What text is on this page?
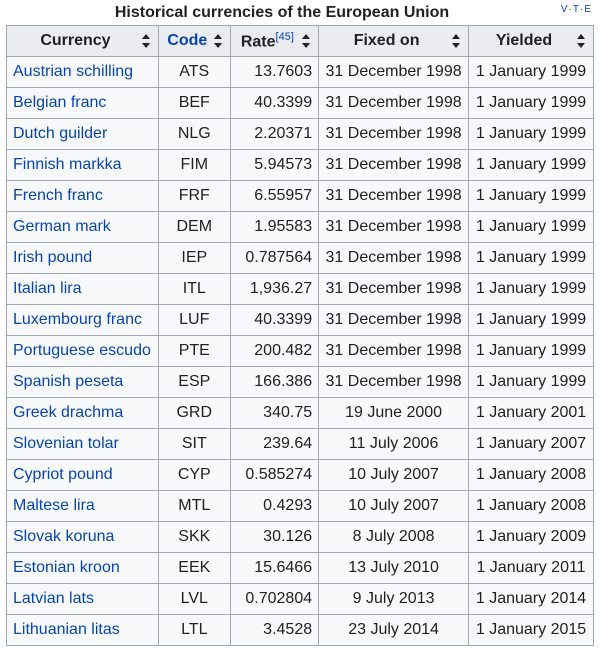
Historical currencies of the European Union	V·T·E
Currency	Code	Rate[45]	Fixed on	Yielded

Austrian schilling	ATS	13.7603	31 December 1998	1 January 1999
Belgian franc	BEF	40.3399	31 December 1998	1 January 1999
Dutch guilder	NLG	2.20371	31 December 1998	1 January 1999
Finnish markka	FIM	5.94573	31 December 1998	1 January 1999
French franc	FRF	6.55957	31 December 1998	1 January 1999
German mark	DEM	1.95583	31 December 1998	1 January 1999
Irish pound	IEP	0.787564	31 December 1998	1 January 1999
Italian lira	ITL	1,936.27	31 December 1998	1 January 1999
Luxembourg franc	LUF	40.3399	31 December 1998	1 January 1999
Portuguese escudo	PTE	200.482	31 December 1998	1 January 1999
Spanish peseta	ESP	166.386	31 December 1998	1 January 1999
Greek drachma	GRD	340.75	19 June 2000	1 January 2001
Slovenian tolar	SIT	239.64	11 July 2006	1 January 2007
Cypriot pound	CYP	0.585274	10 July 2007	1 January 2008
Maltese lira	MTL	0.4293	10 July 2007	1 January 2008
Slovak koruna	SKK	30.126	8 July 2008	1 January 2009
Estonian kroon	EEK	15.6466	13 July 2010	1 January 2011
Latvian lats	LVL	0.702804	9 July 2013	1 January 2014
Lithuanian litas	LTL	3.4528	23 July 2014	1 January 2015
